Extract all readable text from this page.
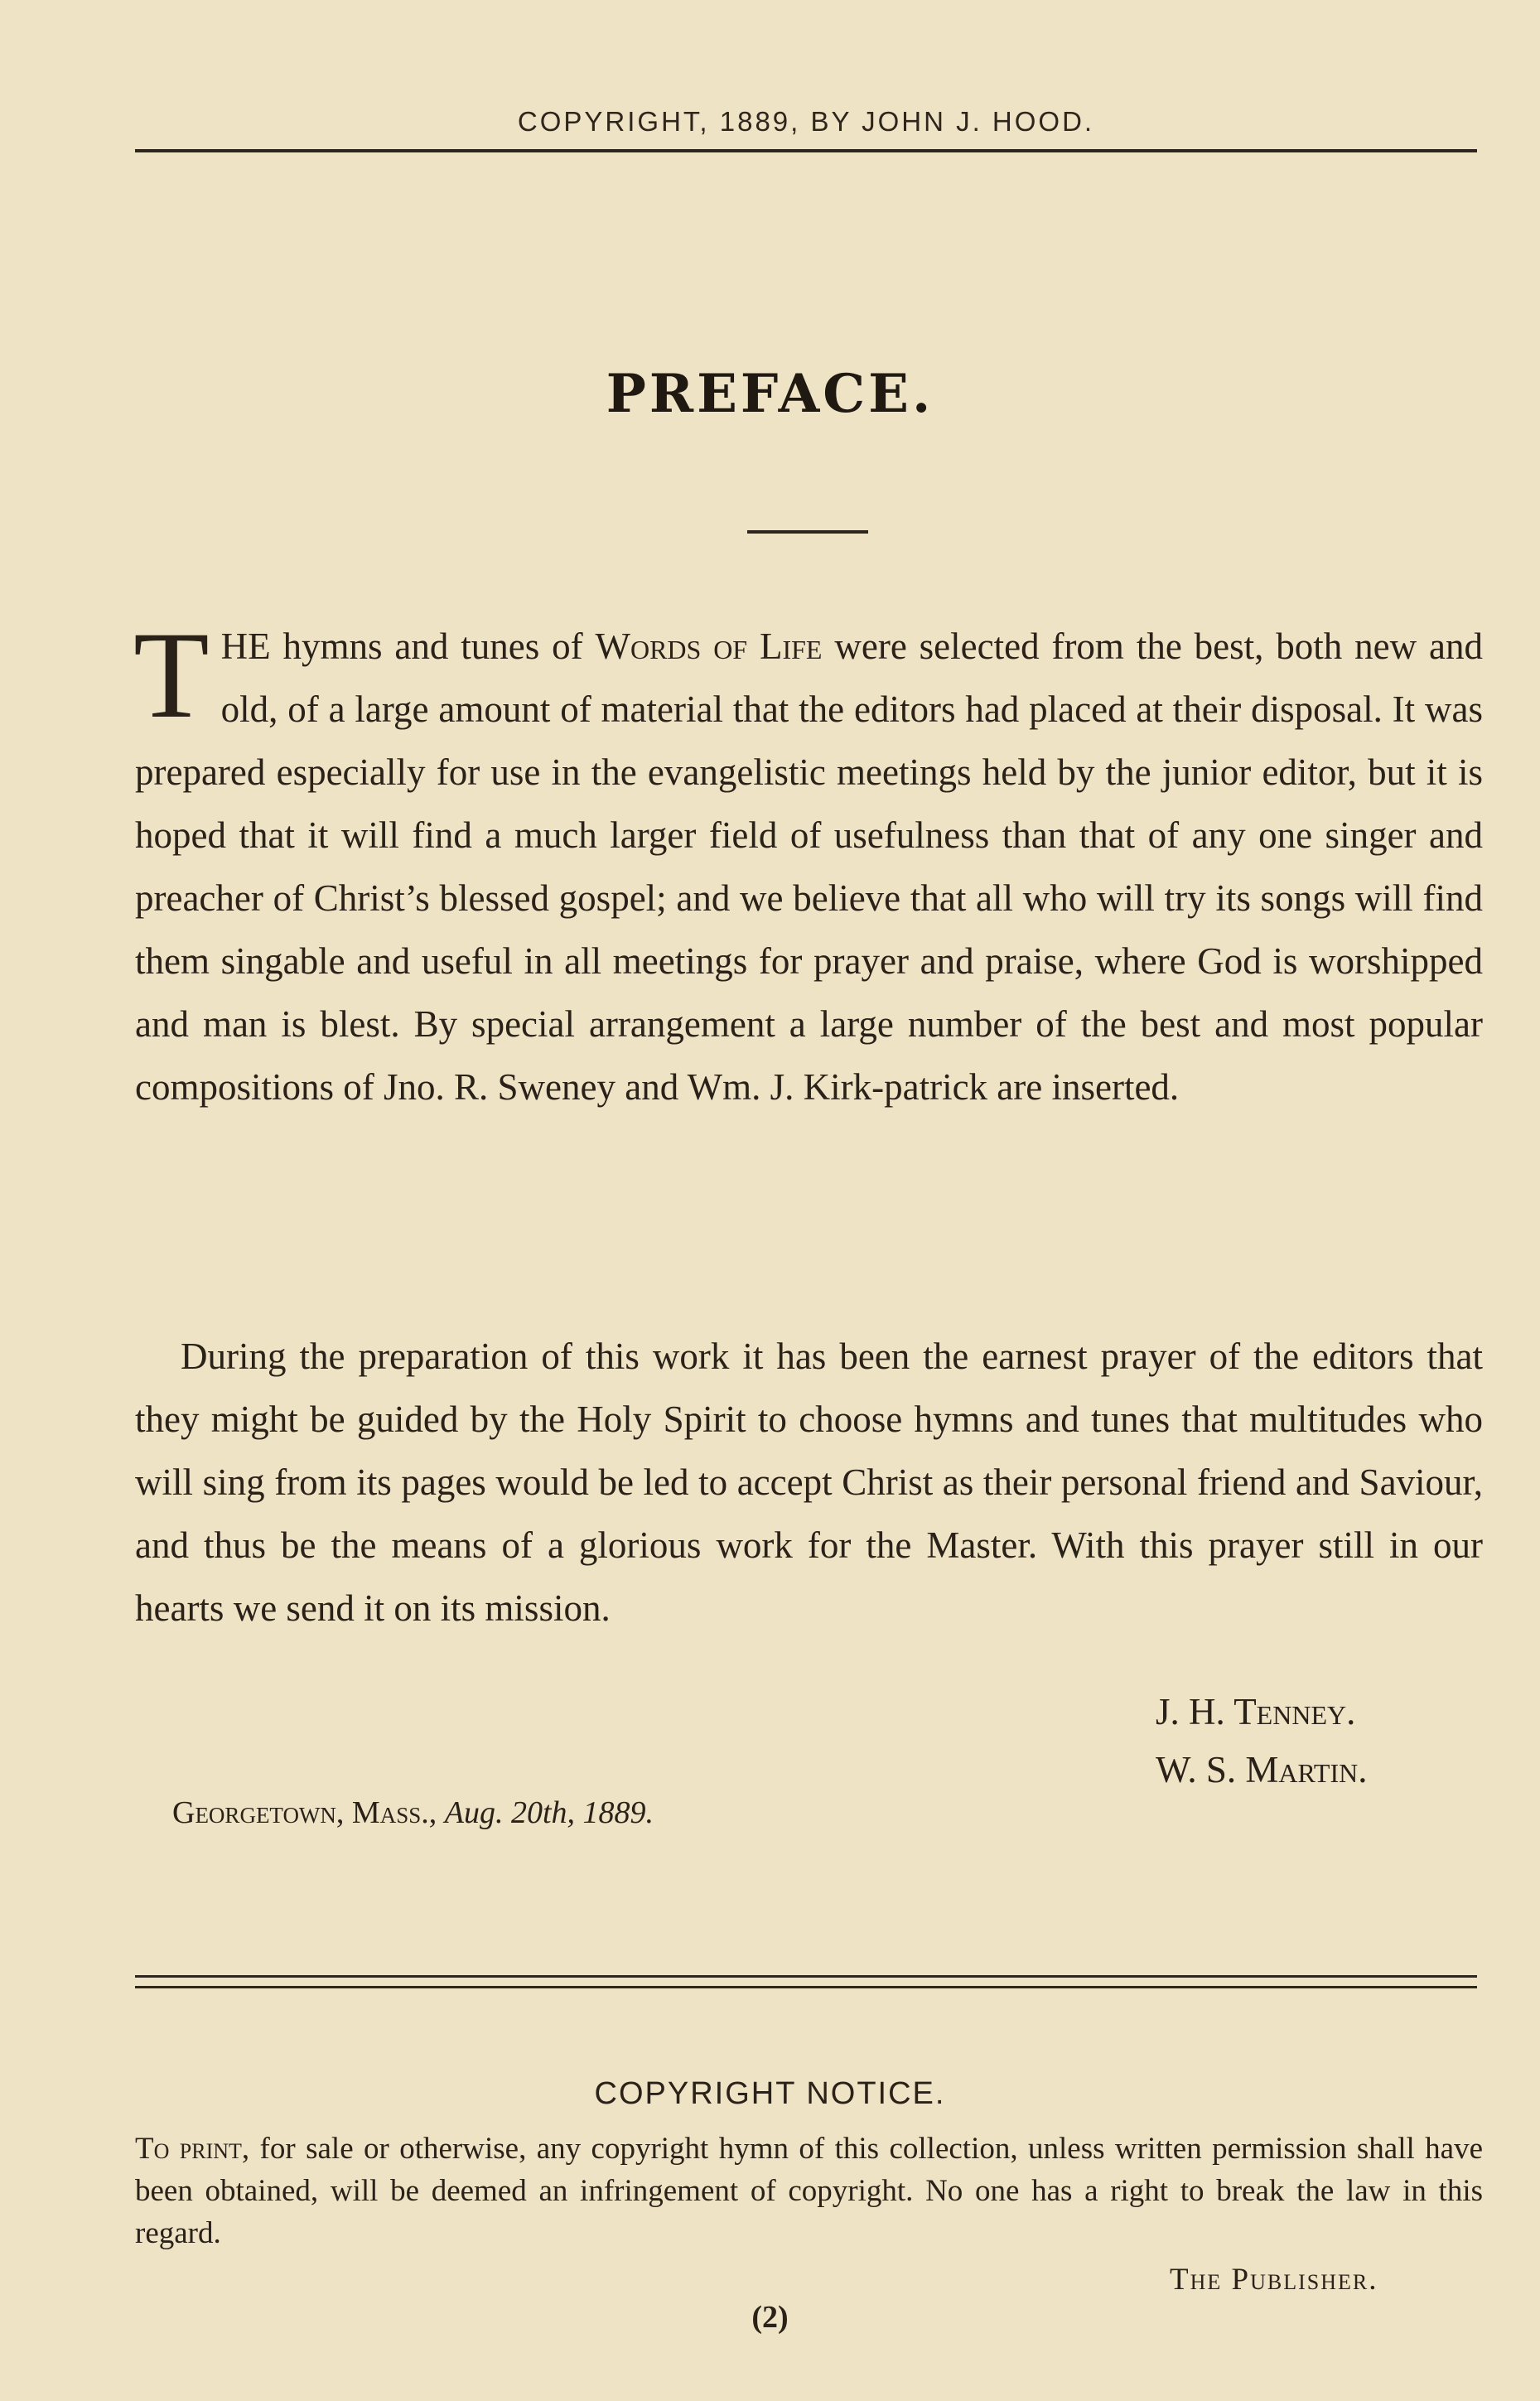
COPYRIGHT, 1889, BY JOHN J. HOOD.
PREFACE.
THE hymns and tunes of Words of Life were selected from the best, both new and old, of a large amount of material that the editors had placed at their disposal. It was prepared especially for use in the evangelistic meetings held by the junior editor, but it is hoped that it will find a much larger field of usefulness than that of any one singer and preacher of Christ’s blessed gospel; and we believe that all who will try its songs will find them singable and useful in all meetings for prayer and praise, where God is worshipped and man is blest. By special arrangement a large number of the best and most popular compositions of Jno. R. Sweney and Wm. J. Kirk-patrick are inserted.
During the preparation of this work it has been the earnest prayer of the editors that they might be guided by the Holy Spirit to choose hymns and tunes that multitudes who will sing from its pages would be led to accept Christ as their personal friend and Saviour, and thus be the means of a glorious work for the Master. With this prayer still in our hearts we send it on its mission.
J. H. Tenney.
W. S. Martin.
Georgetown, Mass., Aug. 20th, 1889.
COPYRIGHT NOTICE.
To print, for sale or otherwise, any copyright hymn of this collection, unless written permission shall have been obtained, will be deemed an infringement of copyright. No one has a right to break the law in this regard.
The Publisher.
(2)
